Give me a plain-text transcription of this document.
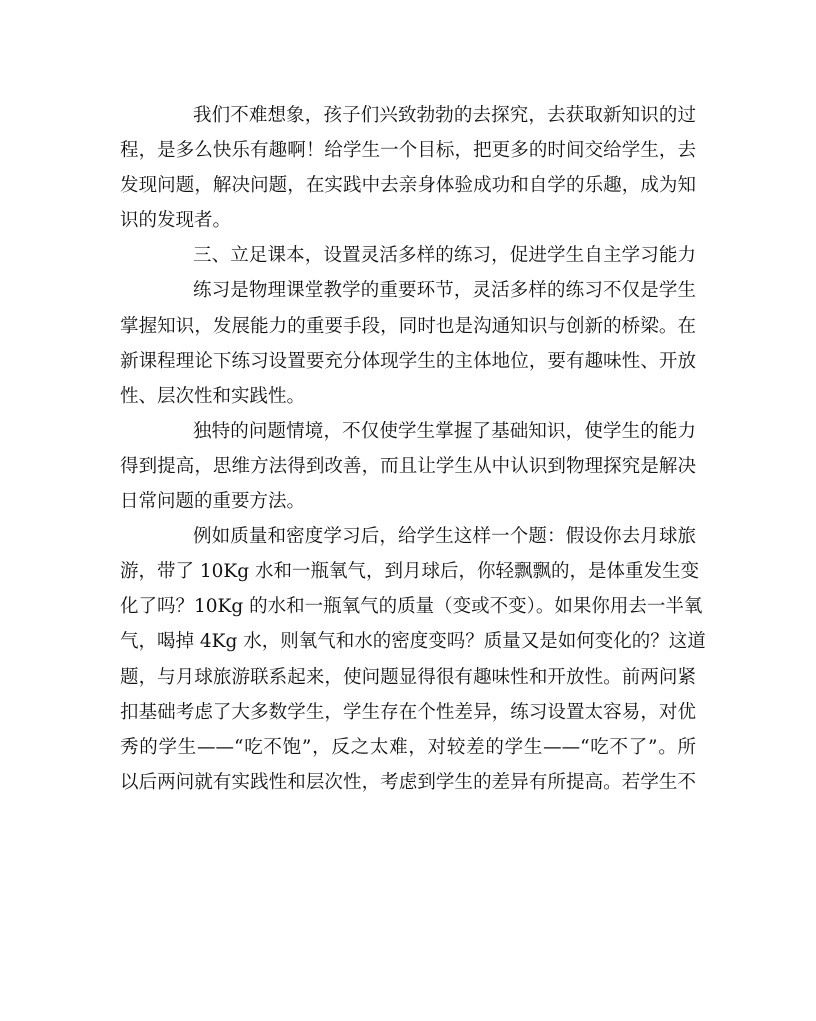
我们不难想象，孩子们兴致勃勃的去探究，去获取新知识的过
程，是多么快乐有趣啊！给学生一个目标，把更多的时间交给学生，去
发现问题，解决问题，在实践中去亲身体验成功和自学的乐趣，成为知
识的发现者。
三、立足课本，设置灵活多样的练习，促进学生自主学习能力
练习是物理课堂教学的重要环节，灵活多样的练习不仅是学生
掌握知识，发展能力的重要手段，同时也是沟通知识与创新的桥梁。在
新课程理论下练习设置要充分体现学生的主体地位，要有趣味性、开放
性、层次性和实践性。
独特的问题情境，不仅使学生掌握了基础知识，使学生的能力
得到提高，思维方法得到改善，而且让学生从中认识到物理探究是解决
日常问题的重要方法。
例如质量和密度学习后，给学生这样一个题：假设你去月球旅
游，带了 10Kg 水和一瓶氧气，到月球后，你轻飘飘的，是体重发生变
化了吗？10Kg 的水和一瓶氧气的质量（变或不变）。如果你用去一半氧
气，喝掉 4Kg 水，则氧气和水的密度变吗？质量又是如何变化的？这道
题，与月球旅游联系起来，使问题显得很有趣味性和开放性。前两问紧
扣基础考虑了大多数学生，学生存在个性差异，练习设置太容易，对优
秀的学生——“吃不饱”，反之太难，对较差的学生——“吃不了”。所
以后两问就有实践性和层次性，考虑到学生的差异有所提高。若学生不
